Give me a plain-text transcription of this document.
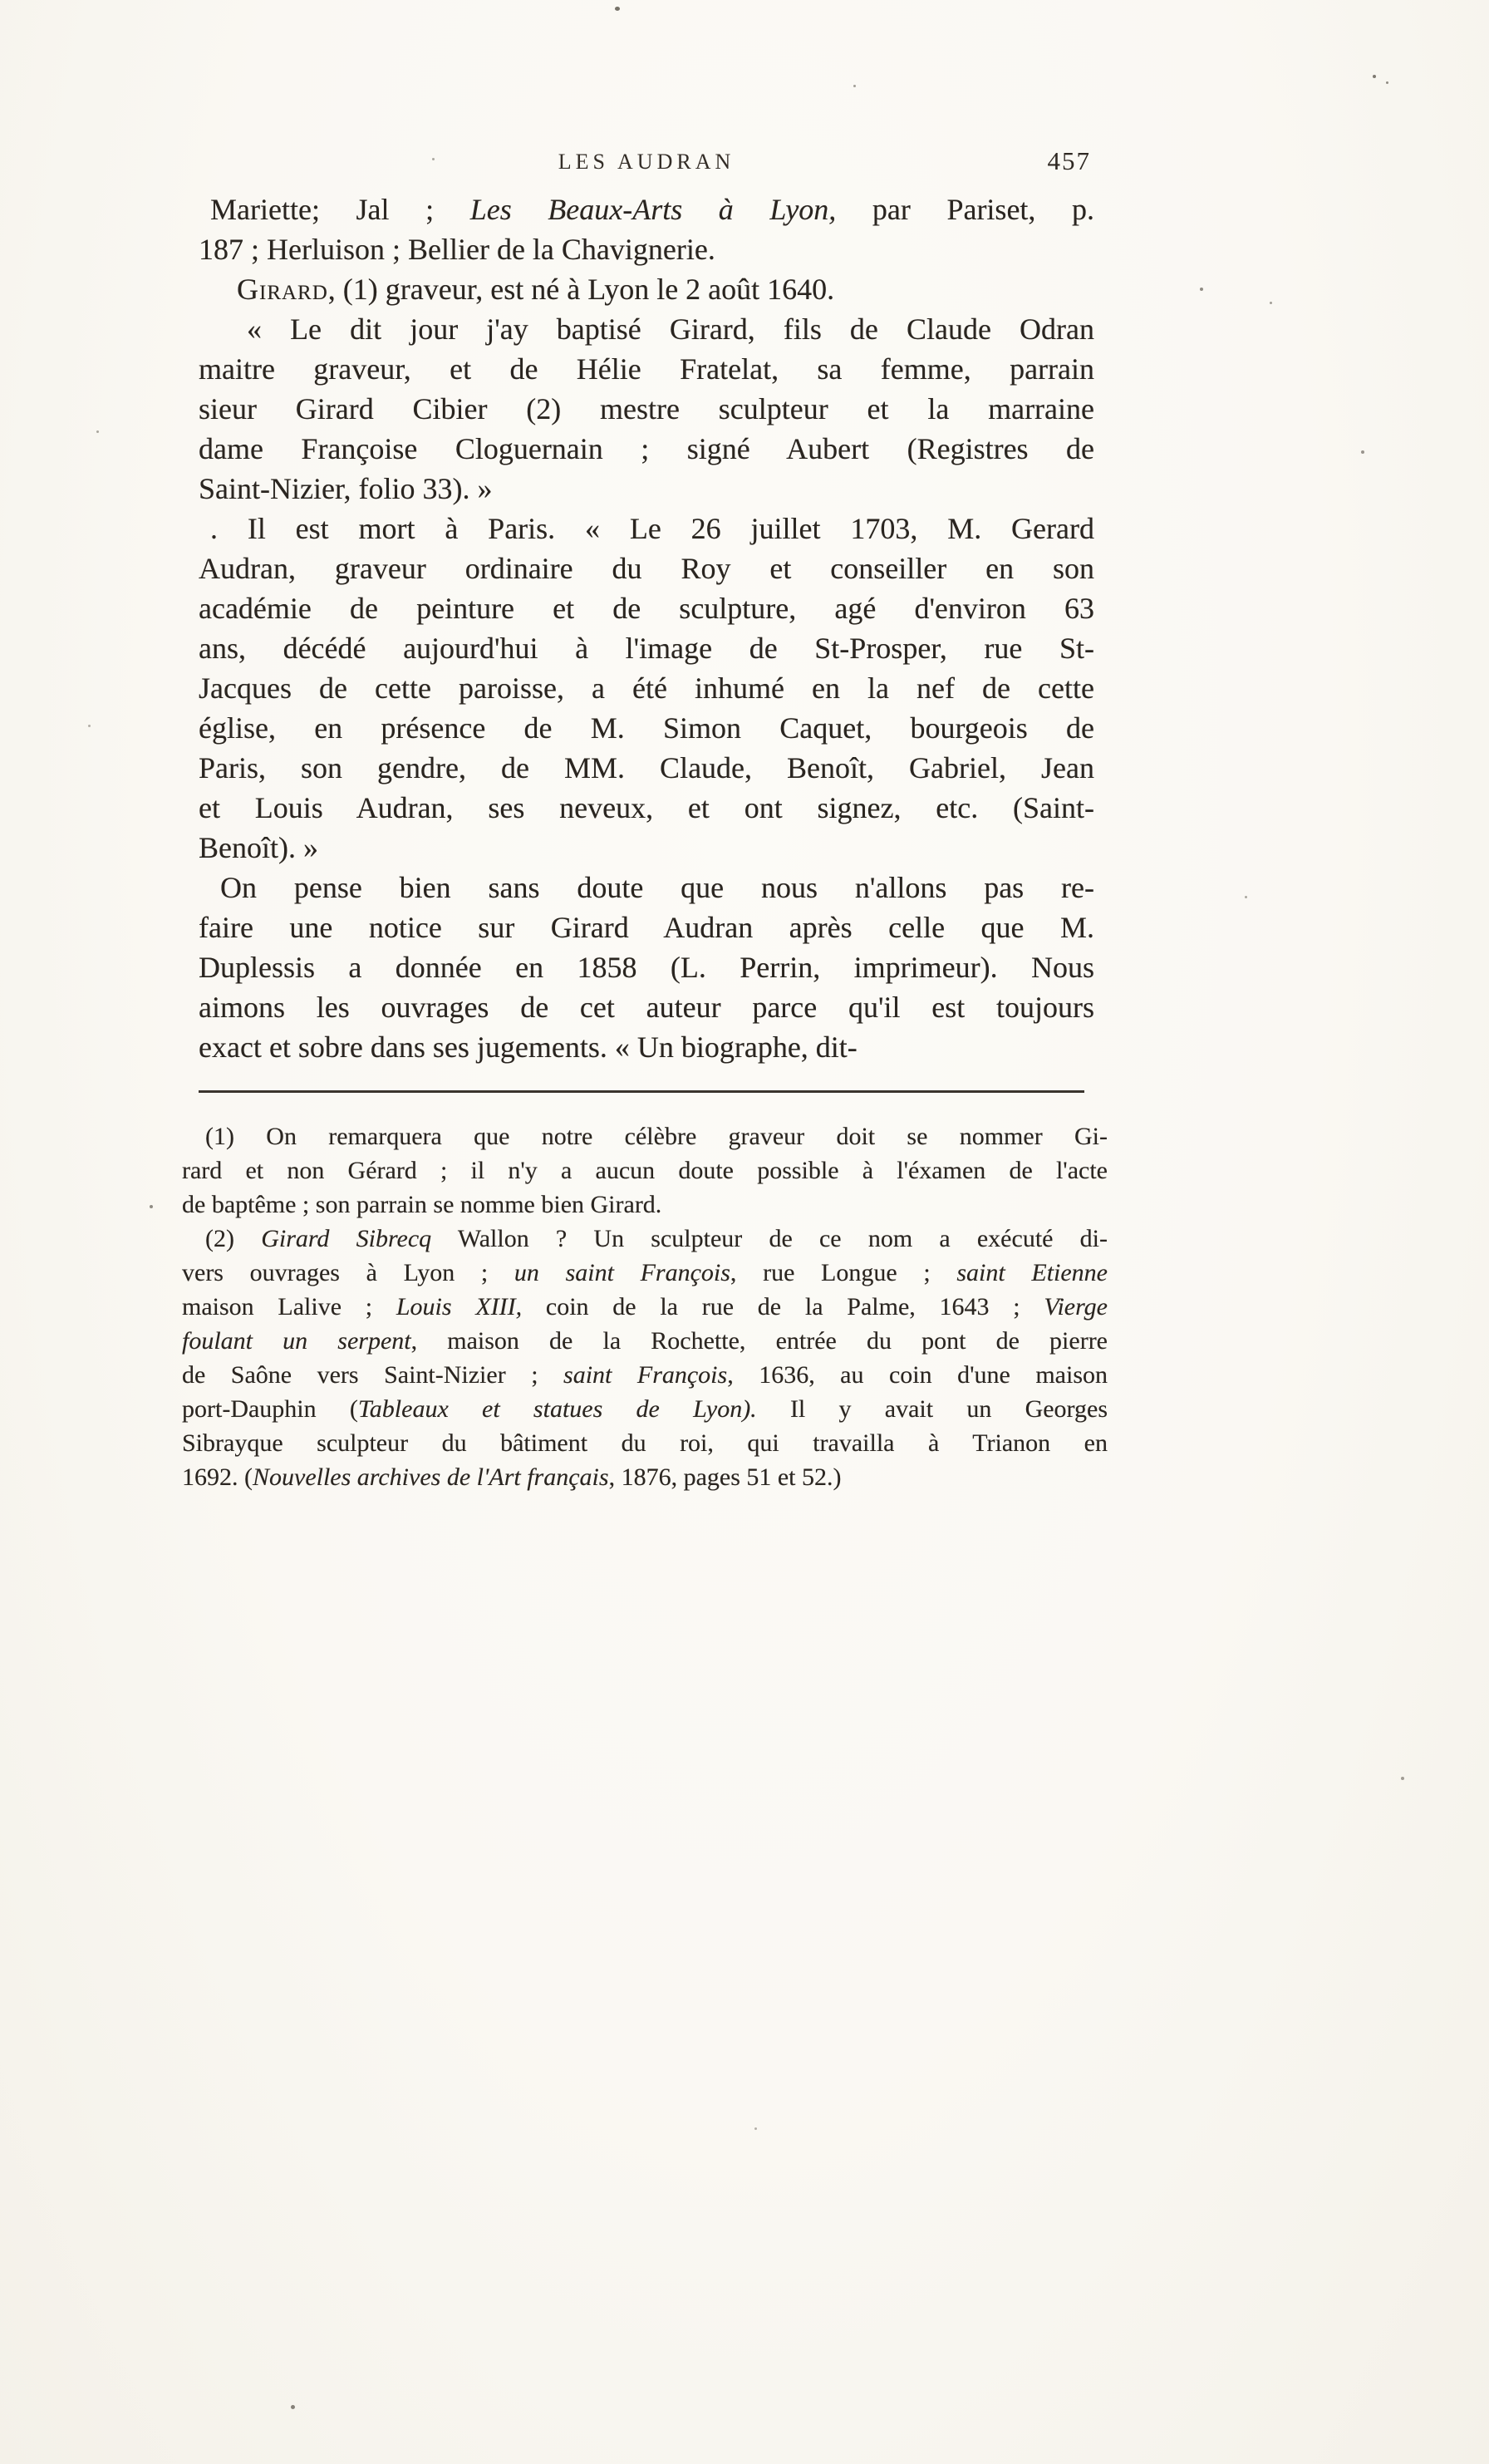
LES AUDRAN	457
Mariette; Jal ; Les Beaux-Arts à Lyon, par Pariset, p.
187 ; Herluison ; Bellier de la Chavignerie.
Girard, (1) graveur, est né à Lyon le 2 août 1640.
« Le dit jour j'ay baptisé Girard, fils de Claude Odran
maitre graveur, et de Hélie Fratelat, sa femme, parrain
sieur Girard Cibier (2) mestre sculpteur et la marraine
dame Françoise Cloguernain ; signé Aubert (Registres de
Saint-Nizier, folio 33). »
. Il est mort à Paris. « Le 26 juillet 1703, M. Gerard
Audran, graveur ordinaire du Roy et conseiller en son
académie de peinture et de sculpture, agé d'environ 63
ans, décédé aujourd'hui à l'image de St-Prosper, rue St-
Jacques de cette paroisse, a été inhumé en la nef de cette
église, en présence de M. Simon Caquet, bourgeois de
Paris, son gendre, de MM. Claude, Benoît, Gabriel, Jean
et Louis Audran, ses neveux, et ont signez, etc. (Saint-
Benoît). »
On pense bien sans doute que nous n'allons pas re-
faire une notice sur Girard Audran après celle que M.
Duplessis a donnée en 1858 (L. Perrin, imprimeur). Nous
aimons les ouvrages de cet auteur parce qu'il est toujours
exact et sobre dans ses jugements. « Un biographe, dit-
(1) On remarquera que notre célèbre graveur doit se nommer Gi-
rard et non Gérard ; il n'y a aucun doute possible à l'éxamen de l'acte
de baptême ; son parrain se nomme bien Girard.
(2) Girard Sibrecq Wallon ? Un sculpteur de ce nom a exécuté di-
vers ouvrages à Lyon ; un saint François, rue Longue ; saint Etienne
maison Lalive ; Louis XIII, coin de la rue de la Palme, 1643 ; Vierge
foulant un serpent, maison de la Rochette, entrée du pont de pierre
de Saône vers Saint-Nizier ; saint François, 1636, au coin d'une maison
port-Dauphin (Tableaux et statues de Lyon). Il y avait un Georges
Sibrayque sculpteur du bâtiment du roi, qui travailla à Trianon en
1692. (Nouvelles archives de l'Art français, 1876, pages 51 et 52.)
